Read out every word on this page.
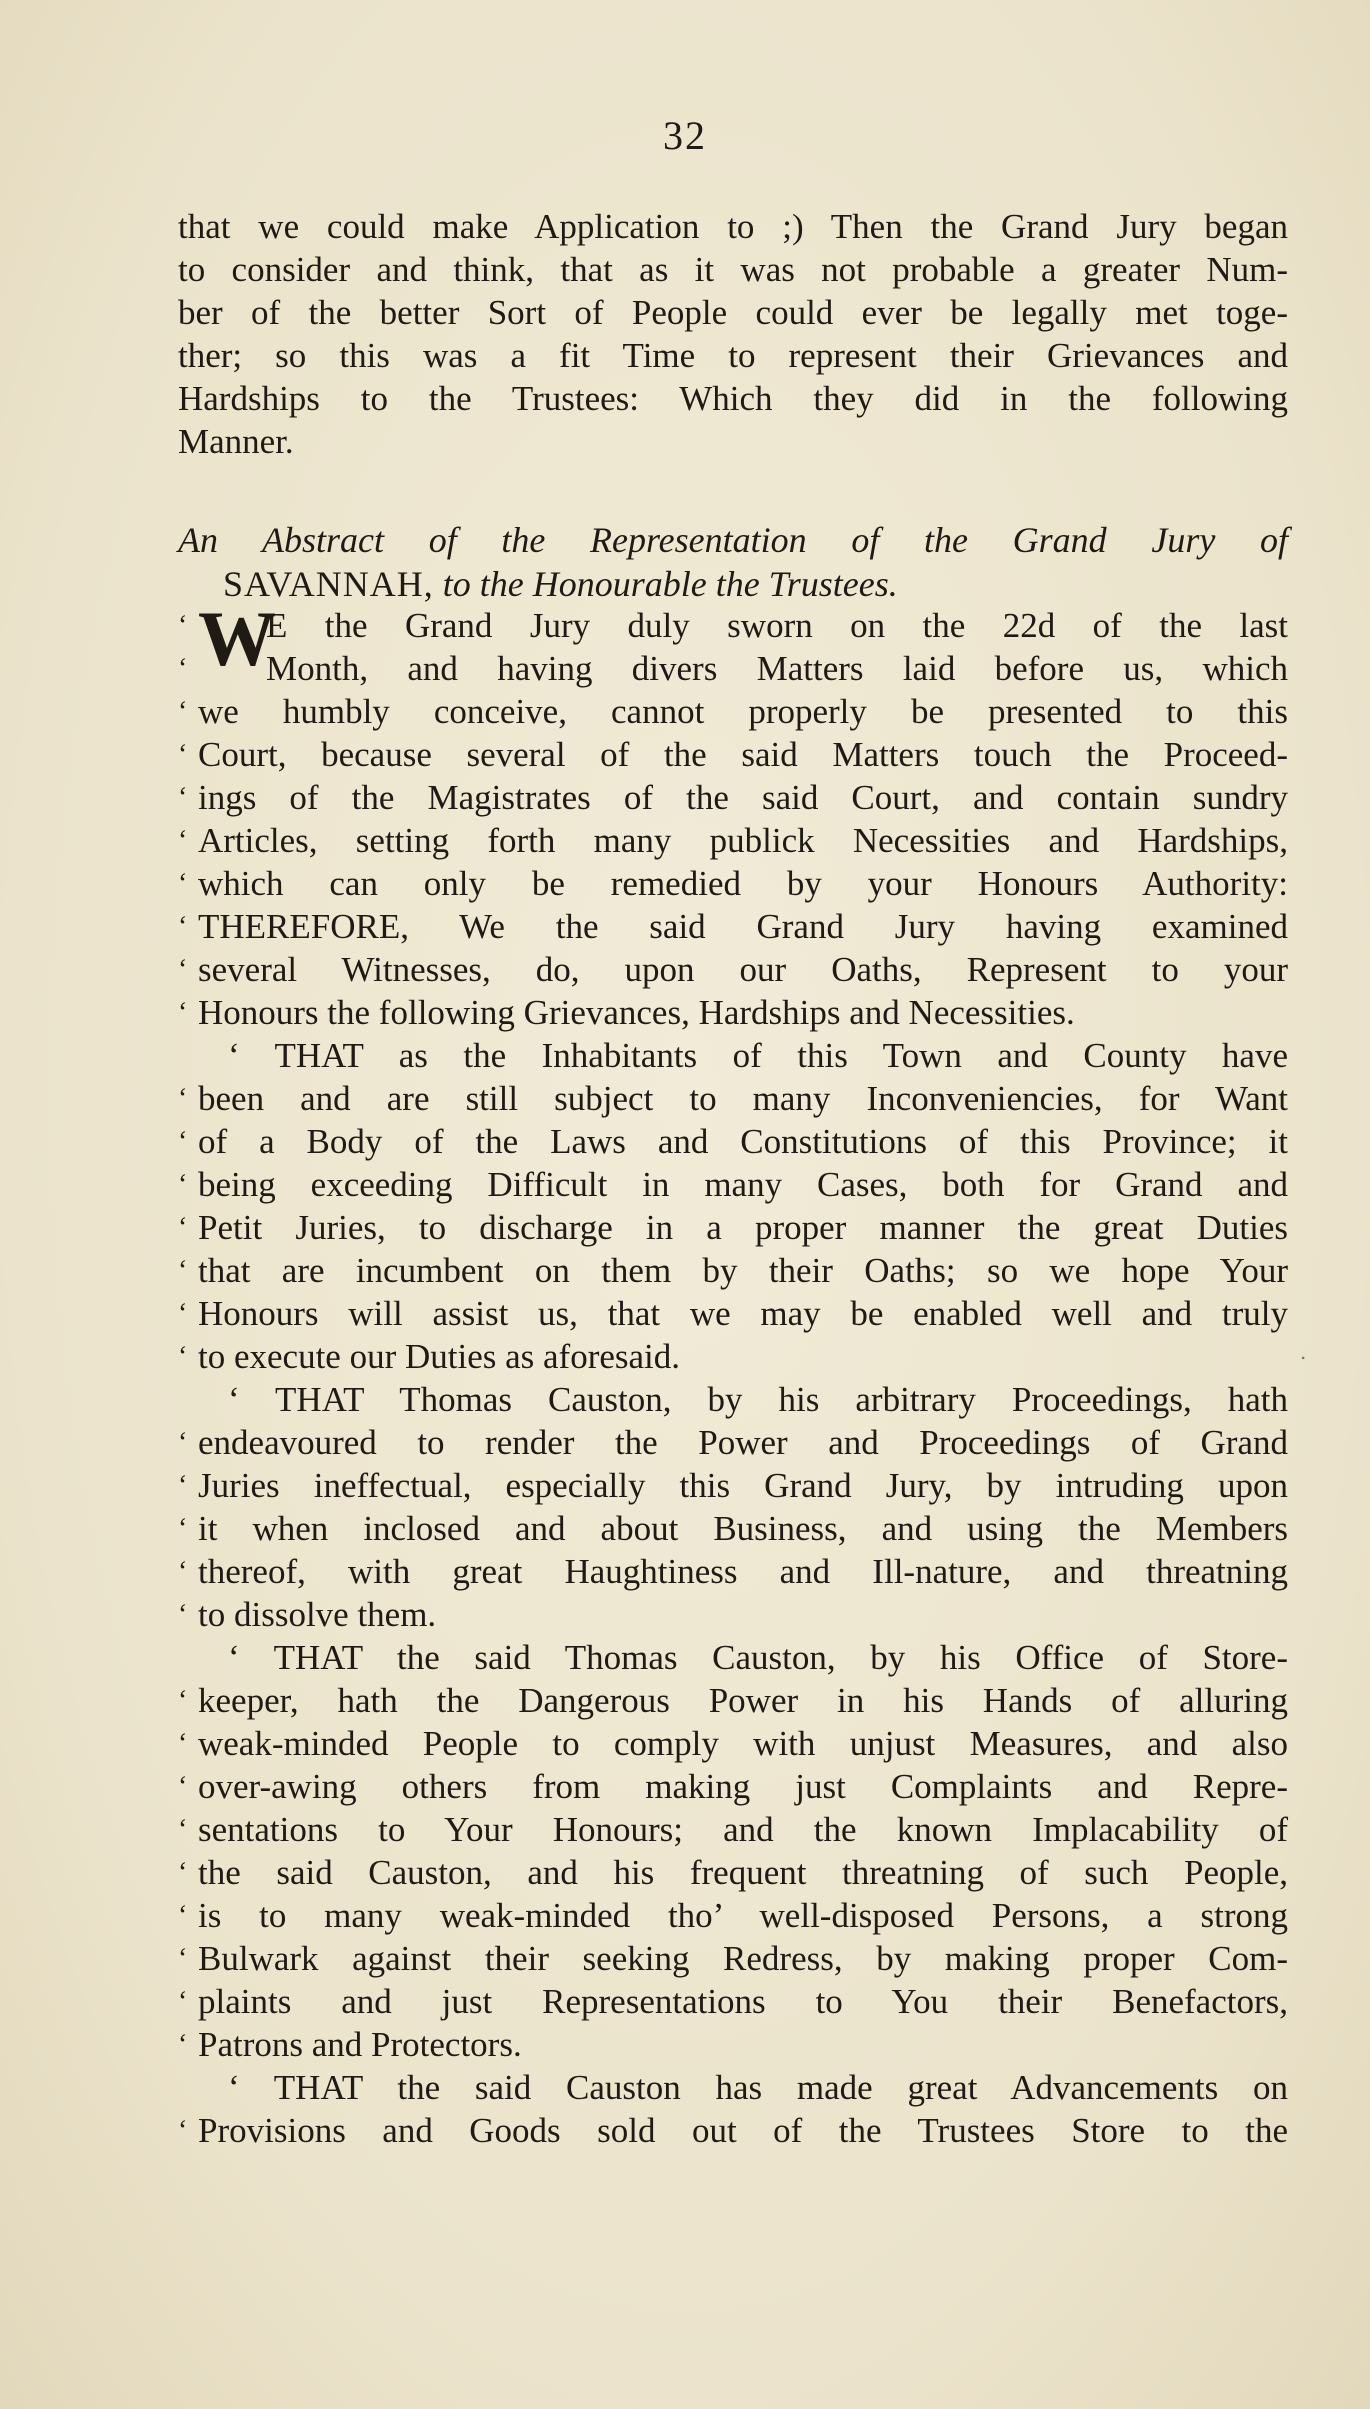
32
that we could make Application to ;) Then the Grand Jury began
to consider and think, that as it was not probable a greater Num-
ber of the better Sort of People could ever be legally met toge-
ther; so this was a fit Time to represent their Grievances and
Hardships to the Trustees: Which they did in the following
Manner.
An Abstract of the Representation of the Grand Jury of
SAVANNAH, to the Honourable the Trustees.
‘ E the Grand Jury duly sworn on the 22d of the last
‘ Month, and having divers Matters laid before us, which
‘ we humbly conceive, cannot properly be presented to this
‘ Court, because several of the said Matters touch the Proceed-
‘ ings of the Magistrates of the said Court, and contain sundry
‘ Articles, setting forth many publick Necessities and Hardships,
‘ which can only be remedied by your Honours Authority:
‘ THEREFORE, We the said Grand Jury having examined
‘ several Witnesses, do, upon our Oaths, Represent to your
‘ Honours the following Grievances, Hardships and Necessities.
‘ THAT as the Inhabitants of this Town and County have
‘ been and are still subject to many Inconveniencies, for Want
‘ of a Body of the Laws and Constitutions of this Province; it
‘ being exceeding Difficult in many Cases, both for Grand and
‘ Petit Juries, to discharge in a proper manner the great Duties
‘ that are incumbent on them by their Oaths; so we hope Your
‘ Honours will assist us, that we may be enabled well and truly
‘ to execute our Duties as aforesaid.
‘ THAT Thomas Causton, by his arbitrary Proceedings, hath
‘ endeavoured to render the Power and Proceedings of Grand
‘ Juries ineffectual, especially this Grand Jury, by intruding upon
‘ it when inclosed and about Business, and using the Members
‘ thereof, with great Haughtiness and Ill-nature, and threatning
‘ to dissolve them.
‘ THAT the said Thomas Causton, by his Office of Store-
‘ keeper, hath the Dangerous Power in his Hands of alluring
‘ weak-minded People to comply with unjust Measures, and also
‘ over-awing others from making just Complaints and Repre-
‘ sentations to Your Honours; and the known Implacability of
‘ the said Causton, and his frequent threatning of such People,
‘ is to many weak-minded tho’ well-disposed Persons, a strong
‘ Bulwark against their seeking Redress, by making proper Com-
‘ plaints and just Representations to You their Benefactors,
‘ Patrons and Protectors.
‘ THAT the said Causton has made great Advancements on
‘ Provisions and Goods sold out of the Trustees Store to the
W
.
